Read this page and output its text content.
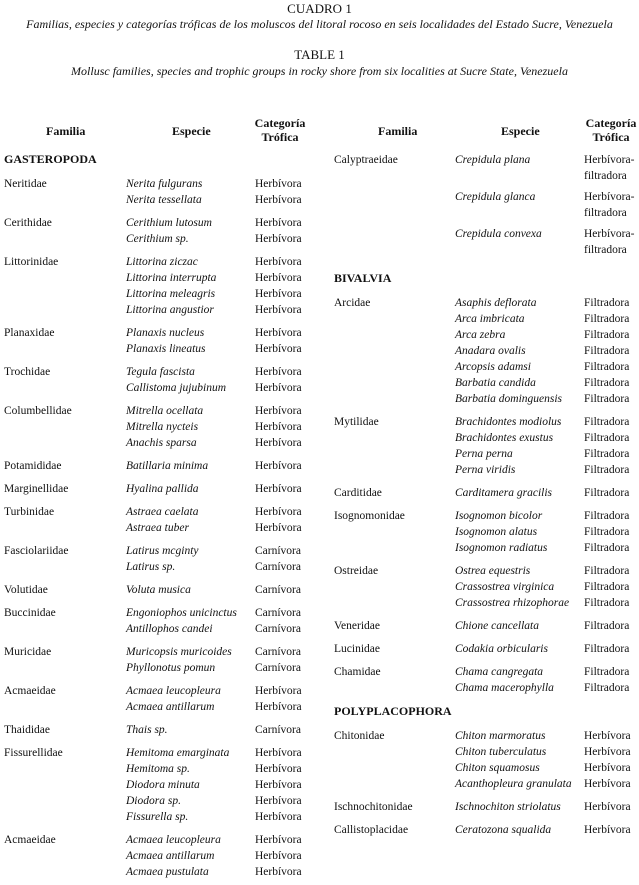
CUADRO 1
Familias, especies y categorías tróficas de los moluscos del litoral rocoso en seis localidades del Estado Sucre, Venezuela
TABLE 1
Mollusc families, species and trophic groups in rocky shore from six localities at Sucre State, Venezuela
Familia	Especie
Categoría
Trófica	Familia	Especie
Categoría
Trófica
GASTEROPODA
Neritidae	Nerita fulgurans	Herbívora
Nerita tessellata	Herbívora
Cerithidae	Cerithium lutosum	Herbívora
Cerithium sp.	Herbívora
Littorinidae	Littorina ziczac	Herbívora
Littorina interrupta	Herbívora
Littorina meleagris	Herbívora
Littorina angustior	Herbívora
Planaxidae	Planaxis nucleus	Herbívora
Planaxis lineatus	Herbívora
Trochidae	Tegula fascista	Herbívora
Callistoma jujubinum	Herbívora
Columbellidae	Mitrella ocellata	Herbívora
Mitrella nycteis	Herbívora
Anachis sparsa	Herbívora
Potamididae	Batillaria minima	Herbívora
Marginellidae	Hyalina pallida	Herbívora
Turbinidae	Astraea caelata	Herbívora
Astraea tuber	Herbívora
Fasciolariidae	Latirus mcginty	Carnívora
Latirus sp.	Carnívora
Volutidae	Voluta musica	Carnívora
Buccinidae	Engoniophos unicinctus Carnívora
Antillophos candei	Carnívora
Muricidae	Muricopsis muricoides Carnívora
Phyllonotus pomun	Carnívora
Acmaeidae	Acmaea leucopleura	Herbívora
Acmaea antillarum	Herbívora
Thaididae	Thais sp.	Carnívora
Fissurellidae	Hemitoma emarginata Herbívora
Hemitoma sp.	Herbívora
Diodora minuta	Herbívora
Diodora sp.	Herbívora
Fissurella sp.	Herbívora
Acmaeidae	Acmaea leucopleura	Herbívora
Acmaea antillarum	Herbívora
Acmaea pustulata	Herbívora
Calyptraeidae	Crepidula plana	Herbívora-
filtradora
Crepidula glanca	Herbívora-
filtradora
Crepidula convexa	Herbívora-
filtradora
BIVALVIA
Arcidae	Asaphis deflorata	Filtradora
Arca imbricata	Filtradora
Arca zebra	Filtradora
Anadara ovalis	Filtradora
Arcopsis adamsi	Filtradora
Barbatia candida	Filtradora
Barbatia dominguensis Filtradora
Mytilidae	Brachidontes modiolus Filtradora
Brachidontes exustus	Filtradora
Perna perna	Filtradora
Perna viridis	Filtradora
Carditidae	Carditamera gracilis	Filtradora
Isognomonidae	Isognomon bicolor	Filtradora
Isognomon alatus	Filtradora
Isognomon radiatus	Filtradora
Ostreidae	Ostrea equestris	Filtradora
Crassostrea virginica	Filtradora
Crassostrea rhizophorae Filtradora
Veneridae	Chione cancellata	Filtradora
Lucinidae	Codakia orbicularis	Filtradora
Chamidae	Chama cangregata	Filtradora
Chama macerophylla	Filtradora
POLYPLACOPHORA
Chitonidae	Chiton marmoratus	Herbívora
Chiton tuberculatus	Herbívora
Chiton squamosus	Herbívora
Acanthopleura granulata Herbívora
Ischnochitonidae	Ischnochiton striolatus Herbívora
Callistoplacidae	Ceratozona squalida	Herbívora
